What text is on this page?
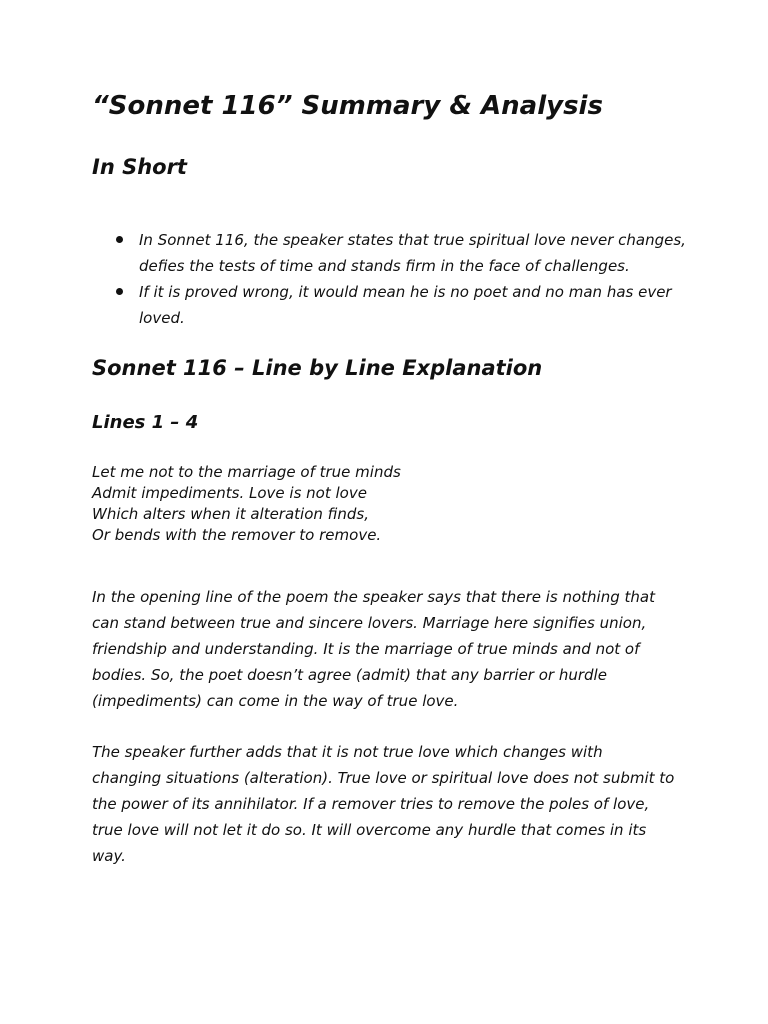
“Sonnet 116” Summary & Analysis
In Short
In Sonnet 116, the speaker states that true spiritual love never changes,
defies the tests of time and stands firm in the face of challenges.
If it is proved wrong, it would mean he is no poet and no man has ever
loved.
Sonnet 116 – Line by Line Explanation
Lines 1 – 4
Let me not to the marriage of true minds
Admit impediments. Love is not love
Which alters when it alteration finds,
Or bends with the remover to remove.
In the opening line of the poem the speaker says that there is nothing that
can stand between true and sincere lovers. Marriage here signifies union,
friendship and understanding. It is the marriage of true minds and not of
bodies. So, the poet doesn’t agree (admit) that any barrier or hurdle
(impediments) can come in the way of true love.
The speaker further adds that it is not true love which changes with
changing situations (alteration). True love or spiritual love does not submit to
the power of its annihilator. If a remover tries to remove the poles of love,
true love will not let it do so. It will overcome any hurdle that comes in its
way.
